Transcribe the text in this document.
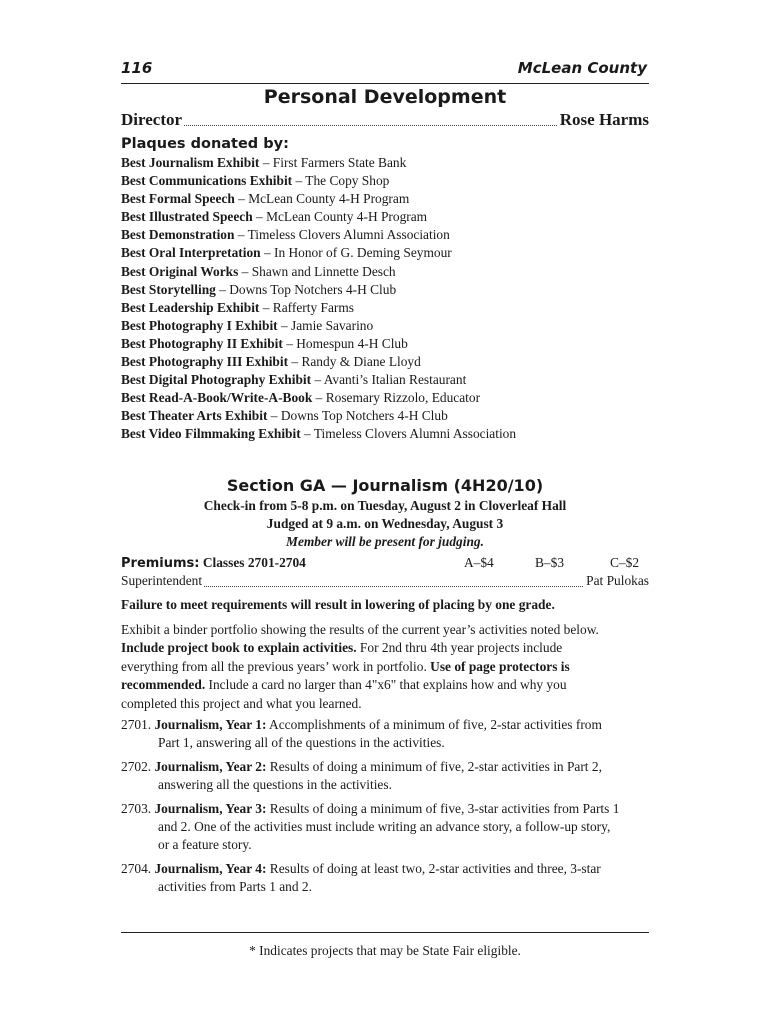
116	McLean County
Personal Development
Director	Rose Harms
Plaques donated by:
Best Journalism Exhibit – First Farmers State Bank
Best Communications Exhibit – The Copy Shop
Best Formal Speech – McLean County 4-H Program
Best Illustrated Speech – McLean County 4-H Program
Best Demonstration – Timeless Clovers Alumni Association
Best Oral Interpretation – In Honor of G. Deming Seymour
Best Original Works – Shawn and Linnette Desch
Best Storytelling – Downs Top Notchers 4-H Club
Best Leadership Exhibit – Rafferty Farms
Best Photography I Exhibit – Jamie Savarino
Best Photography II Exhibit – Homespun 4-H Club
Best Photography III Exhibit – Randy & Diane Lloyd
Best Digital Photography Exhibit – Avanti’s Italian Restaurant
Best Read-A-Book/Write-A-Book – Rosemary Rizzolo, Educator
Best Theater Arts Exhibit – Downs Top Notchers 4-H Club
Best Video Filmmaking Exhibit – Timeless Clovers Alumni Association
Section GA — Journalism (4H20/10)
Check-in from 5-8 p.m. on Tuesday, August 2 in Cloverleaf Hall
Judged at 9 a.m. on Wednesday, August 3
Member will be present for judging.
Premiums: Classes 2701-2704	A–$4	B–$3	C–$2
Superintendent	Pat Pulokas
Failure to meet requirements will result in lowering of placing by one grade.
Exhibit a binder portfolio showing the results of the current year’s activities noted below.
Include project book to explain activities. For 2nd thru 4th year projects include
everything from all the previous years’ work in portfolio. Use of page protectors is
recommended. Include a card no larger than 4"x6" that explains how and why you
completed this project and what you learned.
2701. Journalism, Year 1: Accomplishments of a minimum of five, 2-star activities from
Part 1, answering all of the questions in the activities.
2702. Journalism, Year 2: Results of doing a minimum of five, 2-star activities in Part 2,
answering all the questions in the activities.
2703. Journalism, Year 3: Results of doing a minimum of five, 3-star activities from Parts 1
and 2. One of the activities must include writing an advance story, a follow-up story,
or a feature story.
2704. Journalism, Year 4: Results of doing at least two, 2-star activities and three, 3-star
activities from Parts 1 and 2.
* Indicates projects that may be State Fair eligible.
